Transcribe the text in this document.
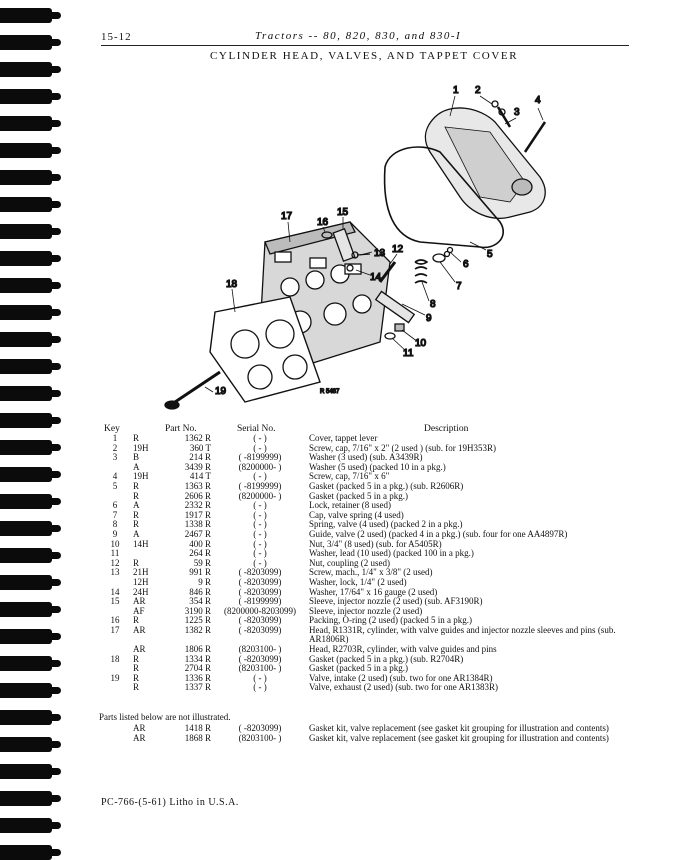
15-12	Tractors -- 80, 820, 830, and 830-I
CYLINDER HEAD, VALVES, AND TAPPET COVER
1 2
3
4
5
6
7
8
9
10
11
12
13
14
15
16
17
18
19	R 5487
Key	Part No.	Serial No.	Description
1	R	1362 R	( - )	Cover, tappet lever
2	19H	360 T	( - )	Screw, cap, 7/16" x 2" (2 used ) (sub. for 19H353R)
3	B	214 R	( -8199999)	Washer (3 used) (sub. A3439R)
	A	3439 R	(8200000- )	Washer (5 used) (packed 10 in a pkg.)
4	19H	414 T	( - )	Screw, cap, 7/16" x 6"
5	R	1363 R	( -8199999)	Gasket (packed 5 in a pkg.) (sub. R2606R)
	R	2606 R	(8200000- )	Gasket (packed 5 in a pkg.)
6	A	2332 R	( - )	Lock, retainer (8 used)
7	R	1917 R	( - )	Cap, valve spring (4 used)
8	R	1338 R	( - )	Spring, valve (4 used) (packed 2 in a pkg.)
9	A	2467 R	( - )	Guide, valve (2 used) (packed 4 in a pkg.) (sub. four for one AA4897R)
10	14H	400 R	( - )	Nut, 3/4" (8 used) (sub. for A5405R)
11		264 R	( - )	Washer, lead (10 used) (packed 100 in a pkg.)
12	R	59 R	( - )	Nut, coupling (2 used)
13	21H	991 R	( -8203099)	Screw, mach., 1/4" x 3/8" (2 used)
	12H	9 R	( -8203099)	Washer, lock, 1/4" (2 used)
14	24H	846 R	( -8203099)	Washer, 17/64" x 16 gauge (2 used)
15	AR	354 R	( -8199999)	Sleeve, injector nozzle (2 used) (sub. AF3190R)
	AF	3190 R	(8200000-8203099)	Sleeve, injector nozzle (2 used)
16	R	1225 R	( -8203099)	Packing, O-ring (2 used) (packed 5 in a pkg.)
17	AR	1382 R	( -8203099)	Head, R1331R, cylinder, with valve guides and injector nozzle sleeves and pins (sub. AR1806R)
	AR	1806 R	(8203100- )	Head, R2703R, cylinder, with valve guides and pins
18	R	1334 R	( -8203099)	Gasket (packed 5 in a pkg.) (sub. R2704R)
	R	2704 R	(8203100- )	Gasket (packed 5 in a pkg.)
19	R	1336 R	( - )	Valve, intake (2 used) (sub. two for one AR1384R)
	R	1337 R	( - )	Valve, exhaust (2 used) (sub. two for one AR1383R)
Parts listed below are not illustrated.
	AR	1418 R	( -8203099)	Gasket kit, valve replacement (see gasket kit grouping for illustration and contents)
	AR	1868 R	(8203100- )	Gasket kit, valve replacement (see gasket kit grouping for illustration and contents)
PC-766-(5-61) Litho in U.S.A.
